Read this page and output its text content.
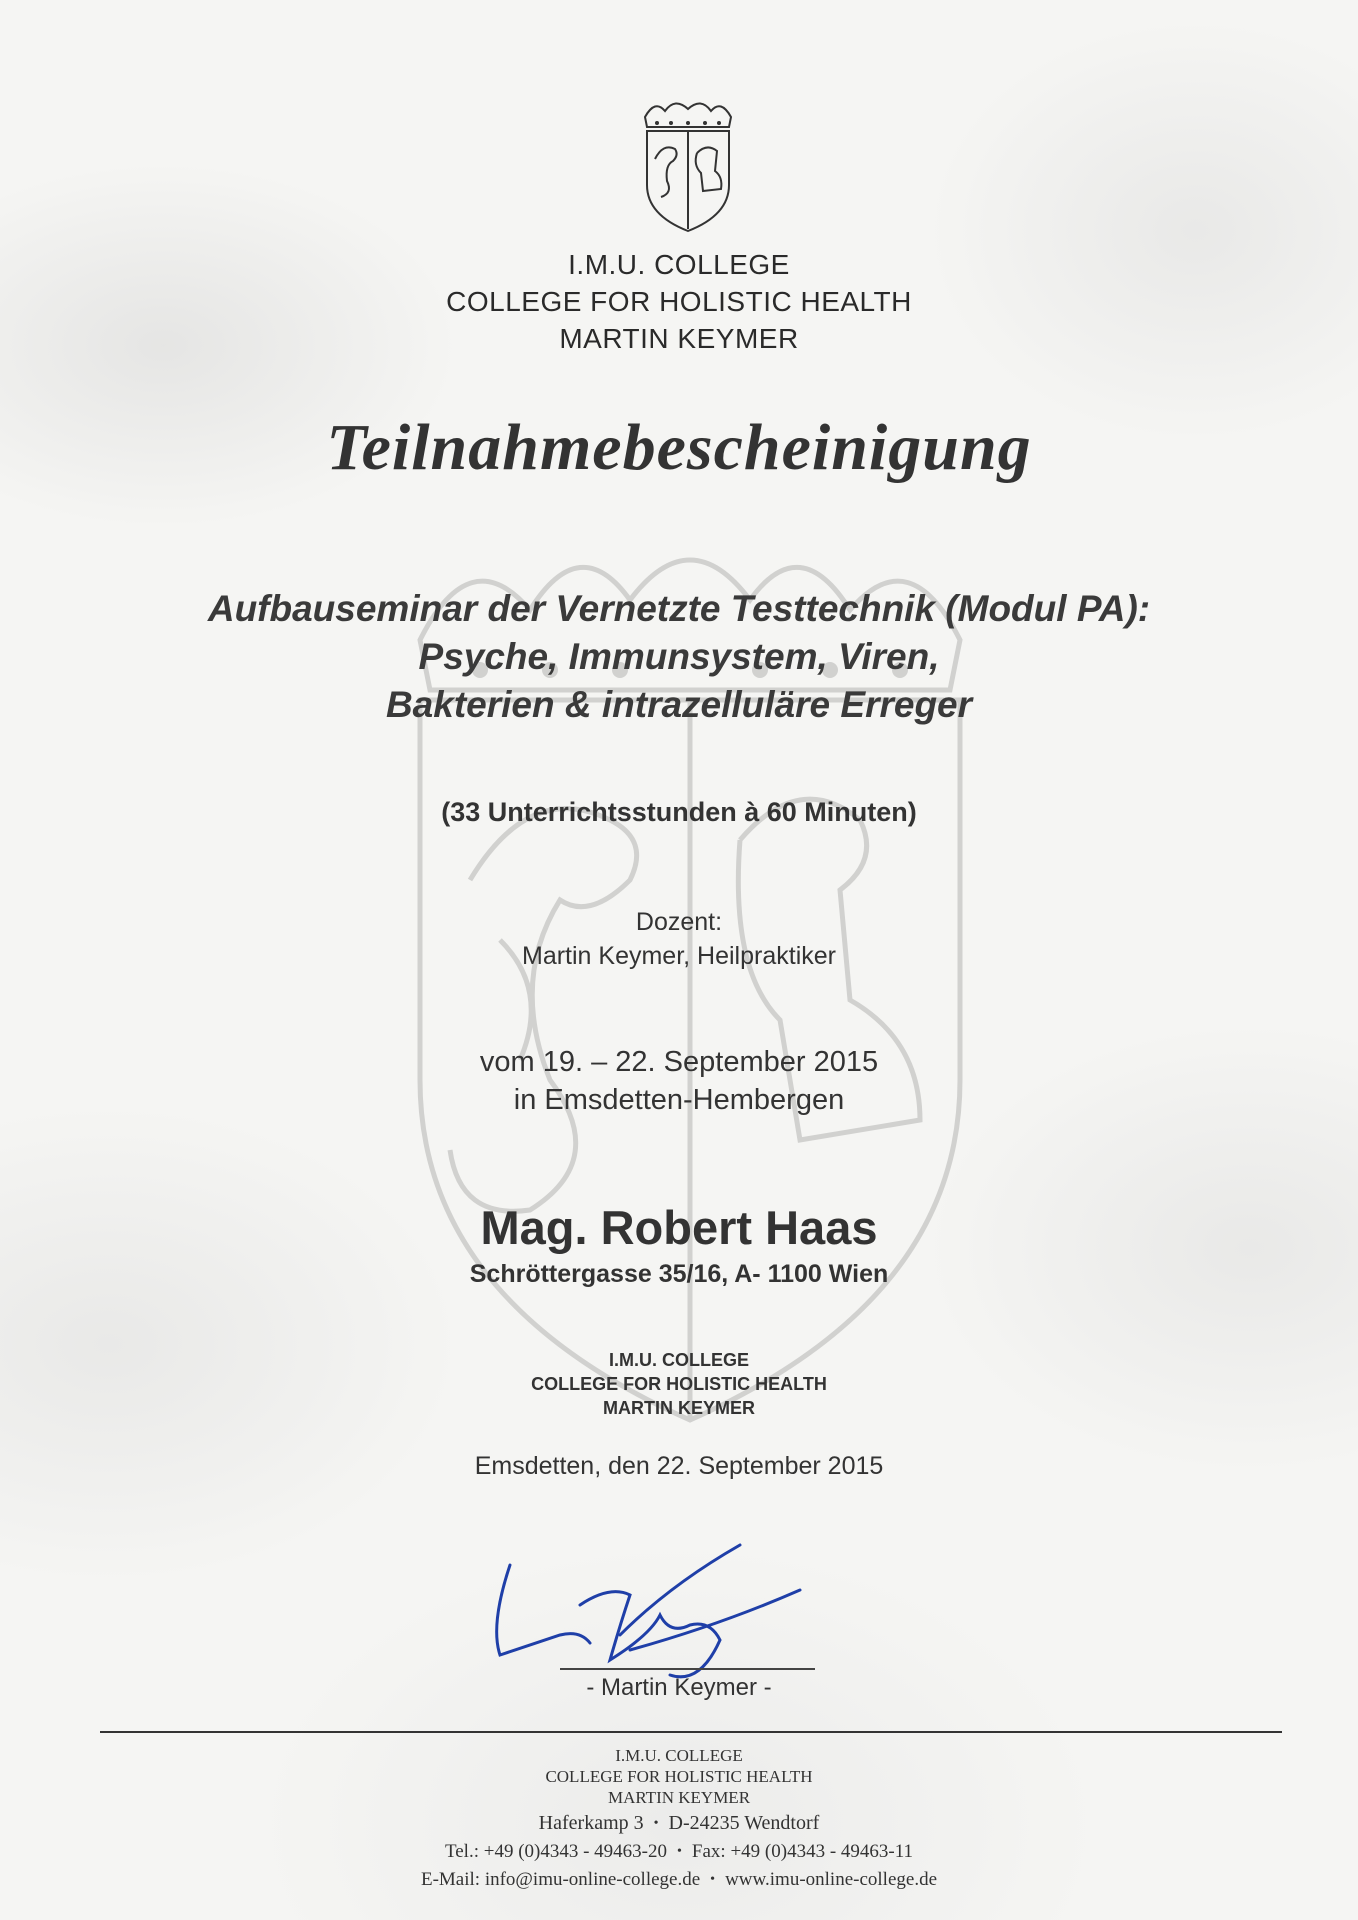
I.M.U. COLLEGE
COLLEGE FOR HOLISTIC HEALTH
MARTIN KEYMER
Teilnahmebescheinigung
Aufbauseminar der Vernetzte Testtechnik (Modul PA):
Psyche, Immunsystem, Viren,
Bakterien & intrazelluläre Erreger
(33 Unterrichtsstunden à 60 Minuten)
Dozent:
Martin Keymer, Heilpraktiker
vom 19. – 22. September 2015
in Emsdetten-Hembergen
Mag. Robert Haas
Schröttergasse 35/16, A- 1100 Wien
I.M.U. COLLEGE
COLLEGE FOR HOLISTIC HEALTH
MARTIN KEYMER
Emsdetten, den 22. September 2015
- Martin Keymer -
I.M.U. COLLEGE
COLLEGE FOR HOLISTIC HEALTH
MARTIN KEYMER
Haferkamp 3 • D-24235 Wendtorf
Tel.: +49 (0)4343 - 49463-20 • Fax: +49 (0)4343 - 49463-11
E-Mail: info@imu-online-college.de • www.imu-online-college.de
